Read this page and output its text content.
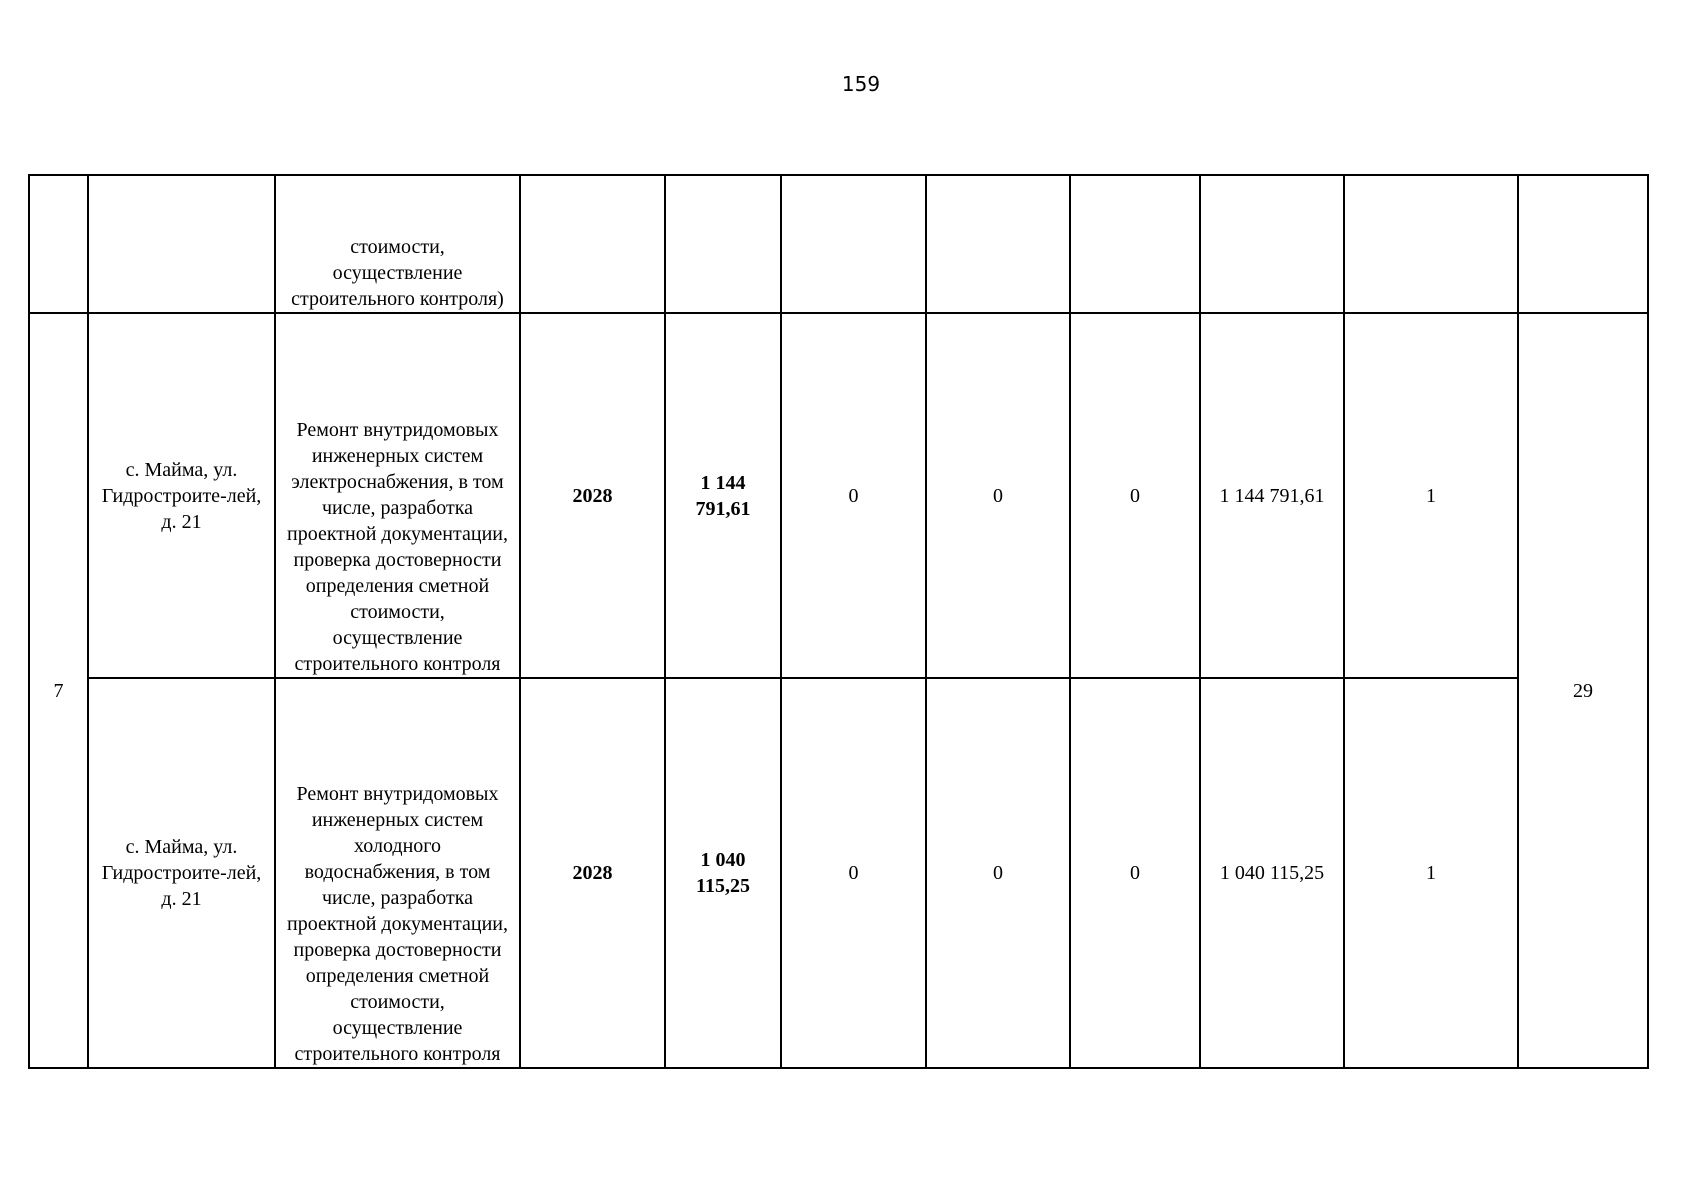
159
		стоимости, осуществление строительного контроля)								
7	с. Майма, ул. Гидростроите-лей, д. 21	Ремонт внутридомовых инженерных систем электроснабжения, в том числе, разработка проектной документации, проверка достоверности определения сметной стоимости, осуществление строительного контроля	2028	1 144 791,61	0	0	0	1 144 791,61	1	29
	с. Майма, ул. Гидростроите-лей, д. 21	Ремонт внутридомовых инженерных систем холодного водоснабжения, в том числе, разработка проектной документации, проверка достоверности определения сметной стоимости, осуществление строительного контроля	2028	1 040 115,25	0	0	0	1 040 115,25	1	
